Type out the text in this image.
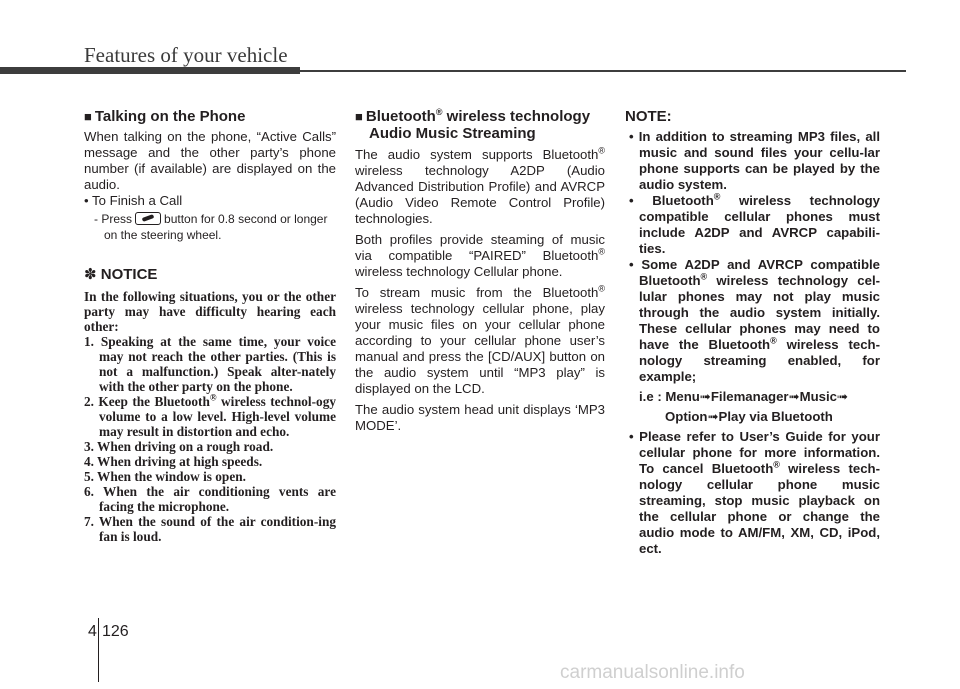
Features of your vehicle
■ Talking on the Phone

When talking on the phone, “Active Calls” message and the other party’s phone number (if available) are displayed on the audio.

• To Finish a Call
- Press	button for 0.8 second or longer on the steering wheel.
✽ NOTICE

In the following situations, you or the other party may have difficulty hearing each other:

1. Speaking at the same time, your voice may not reach the other parties. (This is not a malfunction.) Speak alter-nately with the other party on the phone.

2. Keep the Bluetooth® wireless technol-ogy volume to a low level. High-level volume may result in distortion and echo.

3. When driving on a rough road.

4. When driving at high speeds.

5. When the window is open.

6. When the air conditioning vents are facing the microphone.

7. When the sound of the air condition-ing fan is loud.

■ Bluetooth® wireless technology Audio Music Streaming

The audio system supports Bluetooth® wireless technology A2DP (Audio Advanced Distribution Profile) and AVRCP (Audio Video Remote Control Profile) technologies.

Both profiles provide steaming of music via compatible “PAIRED” Bluetooth® wireless technology Cellular phone.

To stream music from the Bluetooth® wireless technology cellular phone, play your music files on your cellular phone according to your cellular phone user’s manual and press the [CD/AUX] button on the audio system until “MP3 play” is displayed on the LCD.

The audio system head unit displays ‘MP3 MODE’.

NOTE:
• In addition to streaming MP3 files, all music and sound files your cellu-lar phone supports can be played by the audio system.
• Bluetooth® wireless technology compatible cellular phones must include A2DP and AVRCP capabili-ties.
• Some A2DP and AVRCP compatible Bluetooth® wireless technology cel-lular phones may not play music through the audio system initially. These cellular phones may need to have the Bluetooth® wireless tech-nology streaming enabled, for example;
i.e : Menu➟Filemanager➟Music➟
Option➟Play via Bluetooth
• Please refer to User’s Guide for your cellular phone for more information. To cancel Bluetooth® wireless tech-nology cellular phone music streaming, stop music playback on the cellular phone or change the audio mode to AM/FM, XM, CD, iPod, ect.
4 126
carmanualsonline.info
